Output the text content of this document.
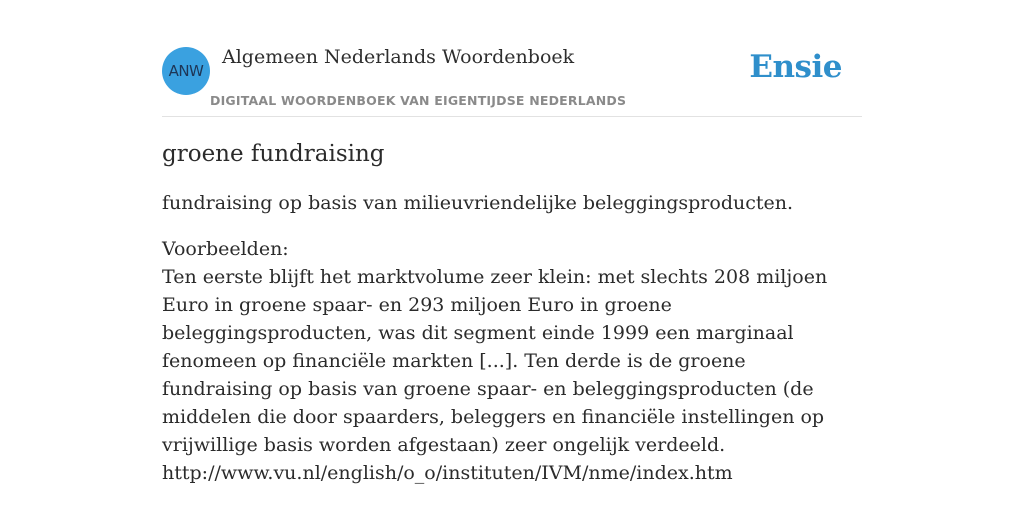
ANW
Algemeen Nederlands Woordenboek
DIGITAAL WOORDENBOEK VAN EIGENTIJDSE NEDERLANDS
Ensie
groene fundraising

fundraising op basis van milieuvriendelijke beleggingsproducten.

Voorbeelden:
Ten eerste blijft het marktvolume zeer klein: met slechts 208 miljoen Euro in groene spaar- en 293 miljoen Euro in groene beleggingsproducten, was dit segment einde 1999 een marginaal fenomeen op financiële markten [...]. Ten derde is de groene fundraising op basis van groene spaar- en beleggingsproducten (de middelen die door spaarders, beleggers en financiële instellingen op vrijwillige basis worden afgestaan) zeer ongelijk verdeeld.
http://www.vu.nl/english/o_o/instituten/IVM/nme/index.htm
